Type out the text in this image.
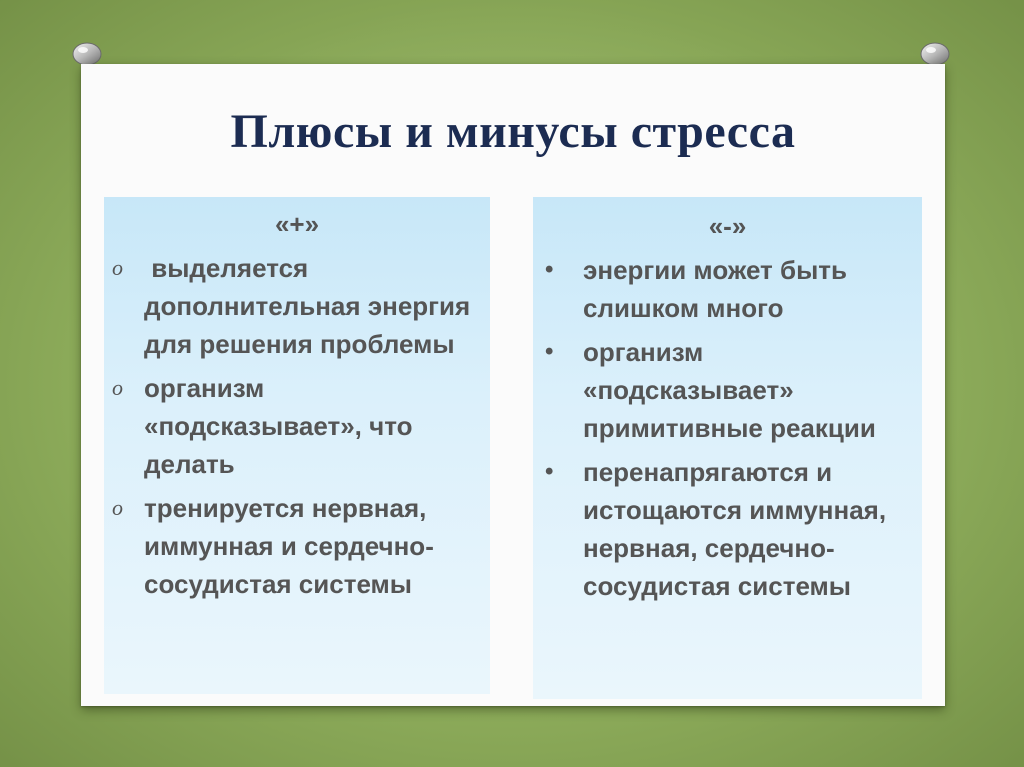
Плюсы и минусы стресса
«+»
o выделяется дополнительная энергия для решения проблемы
o организм «подсказывает», что делать
o тренируется нервная, иммунная и сердечно-сосудистая системы
«-»
• энергии может быть слишком много
• организм «подсказывает» примитивные реакции
• перенапрягаются и истощаются иммунная, нервная, сердечно-сосудистая системы
